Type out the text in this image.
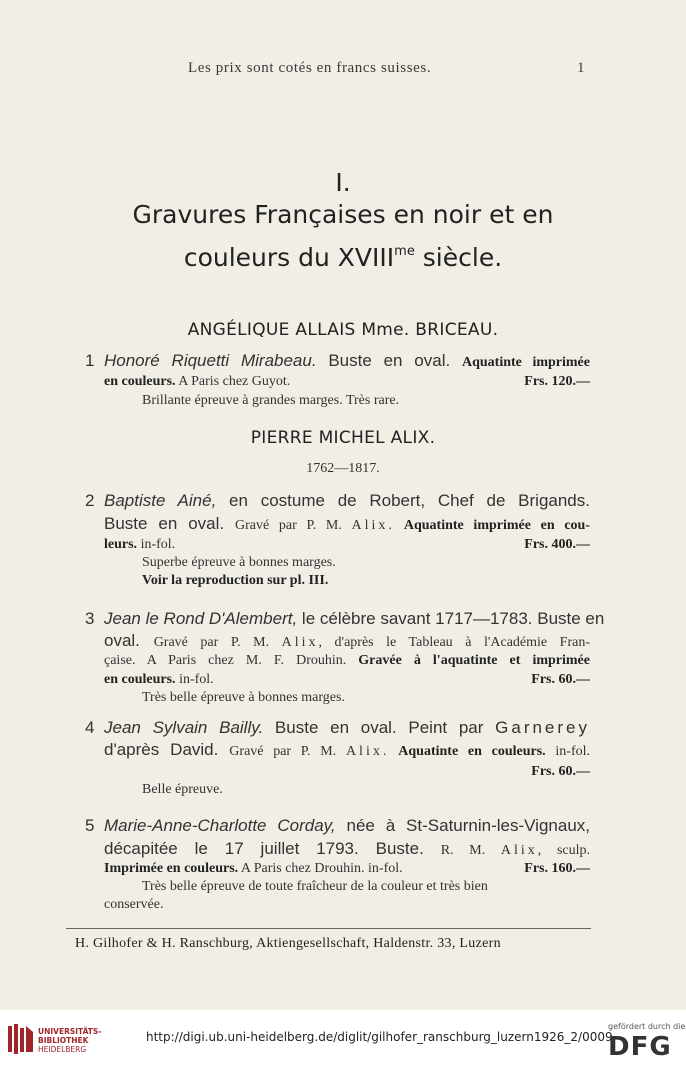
Les prix sont cotés en francs suisses.	1
I.
Gravures Françaises en noir et en
couleurs du $XVIII^{me}$ siècle.
ANGÉLIQUE ALLAIS Mme. BRICEAU.
1 Honoré Riquetti Mirabeau. Buste en oval. Aquatinte imprimée
en couleurs. A Paris chez Guyot.	Frs. 120.—
Brillante épreuve à grandes marges. Très rare.
PIERRE MICHEL ALIX.
1762—1817.
2 Baptiste Ainé, en costume de Robert, Chef de Brigands.
Buste en oval. Gravé par P. M. Alix. Aquatinte imprimée en cou-
leurs. in-fol.	Frs. 400.—
Superbe épreuve à bonnes marges.
Voir la reproduction sur pl. III.
3 Jean le Rond D'Alembert, le célèbre savant 1717—1783. Buste en
oval. Gravé par P. M. Alix, d'après le Tableau à l'Académie Fran-
çaise. A Paris chez M. F. Drouhin. Gravée à l'aquatinte et imprimée
en couleurs. in-fol.	Frs. 60.—
Très belle épreuve à bonnes marges.
4 Jean Sylvain Bailly. Buste en oval. Peint par Garnerey
d'après David. Gravé par P. M. Alix. Aquatinte en couleurs. in-fol.
Frs. 60.—
Belle épreuve.
5 Marie-Anne-Charlotte Corday, née à St-Saturnin-les-Vignaux,
décapitée le 17 juillet 1793. Buste. R. M. Alix, sculp.
Imprimée en couleurs. A Paris chez Drouhin. in-fol.	Frs. 160.—
Très belle épreuve de toute fraîcheur de la couleur et très bien
conservée.
H. Gilhofer & H. Ranschburg, Aktiengesellschaft, Haldenstr. 33, Luzern
UNIVERSITÄTS-
BIBLIOTHEK
HEIDELBERG
http://digi.ub.uni-heidelberg.de/diglit/gilhofer_ranschburg_luzern1926_2/0009
gefördert durch die
DFG
